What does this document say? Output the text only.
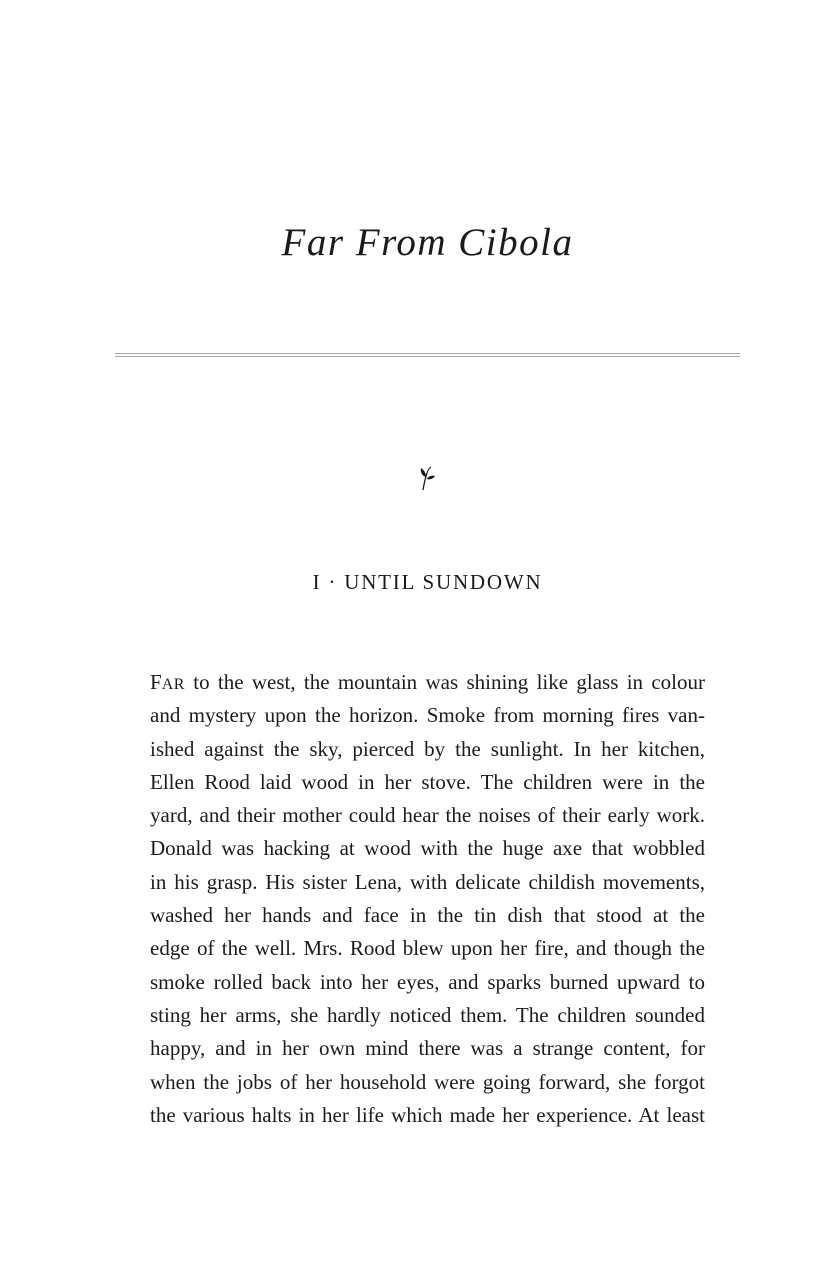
Far From Cibola
I · UNTIL SUNDOWN
FAR to the west, the mountain was shining like glass in colour
and mystery upon the horizon. Smoke from morning fires van-
ished against the sky, pierced by the sunlight. In her kitchen,
Ellen Rood laid wood in her stove. The children were in the
yard, and their mother could hear the noises of their early work.
Donald was hacking at wood with the huge axe that wobbled
in his grasp. His sister Lena, with delicate childish movements,
washed her hands and face in the tin dish that stood at the
edge of the well. Mrs. Rood blew upon her fire, and though the
smoke rolled back into her eyes, and sparks burned upward to
sting her arms, she hardly noticed them. The children sounded
happy, and in her own mind there was a strange content, for
when the jobs of her household were going forward, she forgot
the various halts in her life which made her experience. At least
